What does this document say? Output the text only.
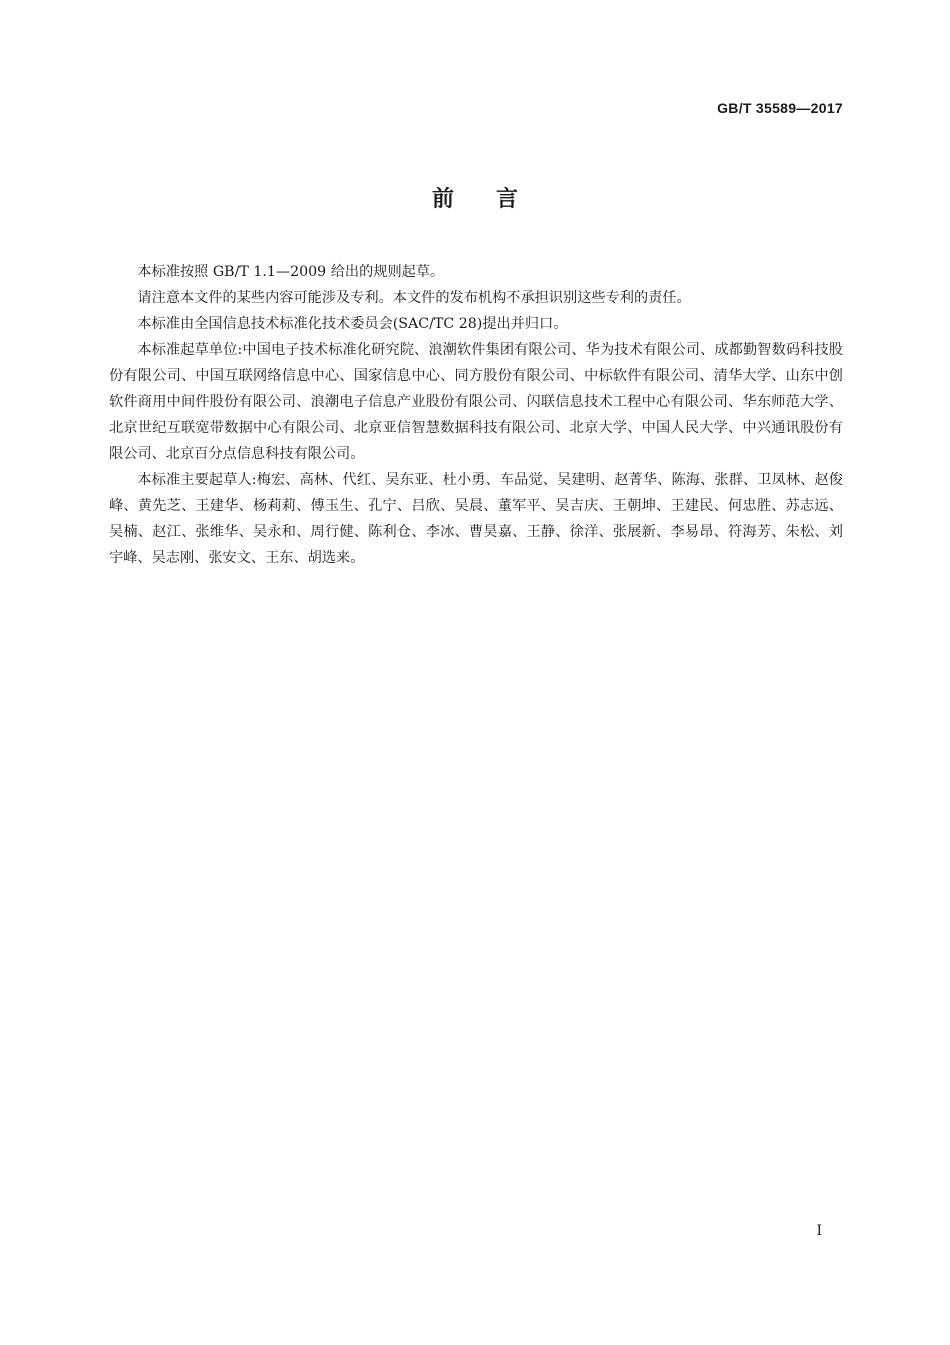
GB/T 35589—2017
前言

本标准按照 GB/T 1.1—2009 给出的规则起草。

请注意本文件的某些内容可能涉及专利。本文件的发布机构不承担识别这些专利的责任。

本标准由全国信息技术标准化技术委员会(SAC/TC 28)提出并归口。

本标准起草单位:中国电子技术标准化研究院、浪潮软件集团有限公司、华为技术有限公司、成都勤智数码科技股份有限公司、中国互联网络信息中心、国家信息中心、同方股份有限公司、中标软件有限公司、清华大学、山东中创软件商用中间件股份有限公司、浪潮电子信息产业股份有限公司、闪联信息技术工程中心有限公司、华东师范大学、北京世纪互联宽带数据中心有限公司、北京亚信智慧数据科技有限公司、北京大学、中国人民大学、中兴通讯股份有限公司、北京百分点信息科技有限公司。

本标准主要起草人:梅宏、高林、代红、吴东亚、杜小勇、车品觉、吴建明、赵菁华、陈海、张群、卫凤林、赵俊峰、黄先芝、王建华、杨莉莉、傅玉生、孔宁、吕欣、吴晨、董军平、吴吉庆、王朝坤、王建民、何忠胜、苏志远、吴楠、赵江、张维华、吴永和、周行健、陈利仓、李冰、曹昊嘉、王静、徐洋、张展新、李易昂、符海芳、朱松、刘宇峰、吴志刚、张安文、王东、胡选来。

I
